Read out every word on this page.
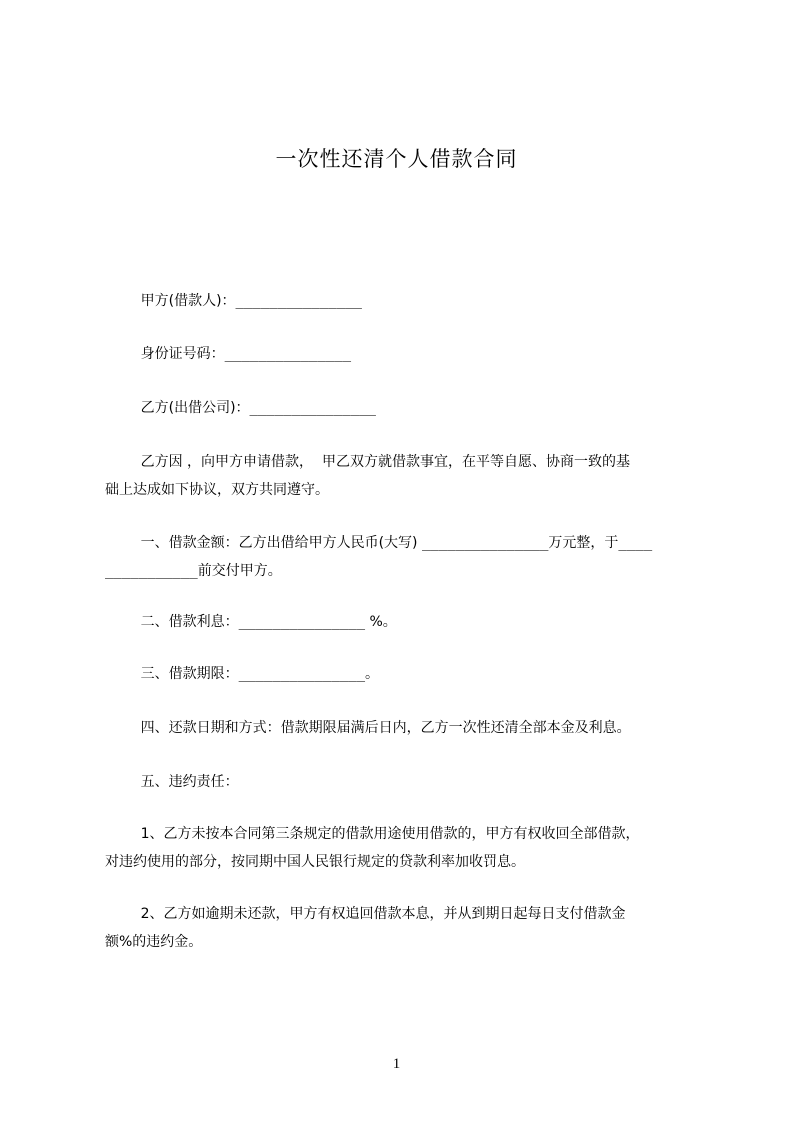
一次性还清个人借款合同

甲方(借款人)：_______________

身份证号码：_______________

乙方(出借公司)：_______________

乙方因 ，向甲方申请借款，  甲乙双方就借款事宜，在平等自愿、协商一致的基

础上达成如下协议，双方共同遵守。

一、借款金额：乙方出借给甲方人民币(大写) _______________万元整，于____

___________前交付甲方。

二、借款利息：_______________ %。

三、借款期限：_______________。

四、还款日期和方式：借款期限届满后日内，乙方一次性还清全部本金及利息。

五、违约责任：

1、乙方未按本合同第三条规定的借款用途使用借款的，甲方有权收回全部借款，

对违约使用的部分，按同期中国人民银行规定的贷款利率加收罚息。

2、乙方如逾期未还款，甲方有权追回借款本息，并从到期日起每日支付借款金

额%的违约金。

1
